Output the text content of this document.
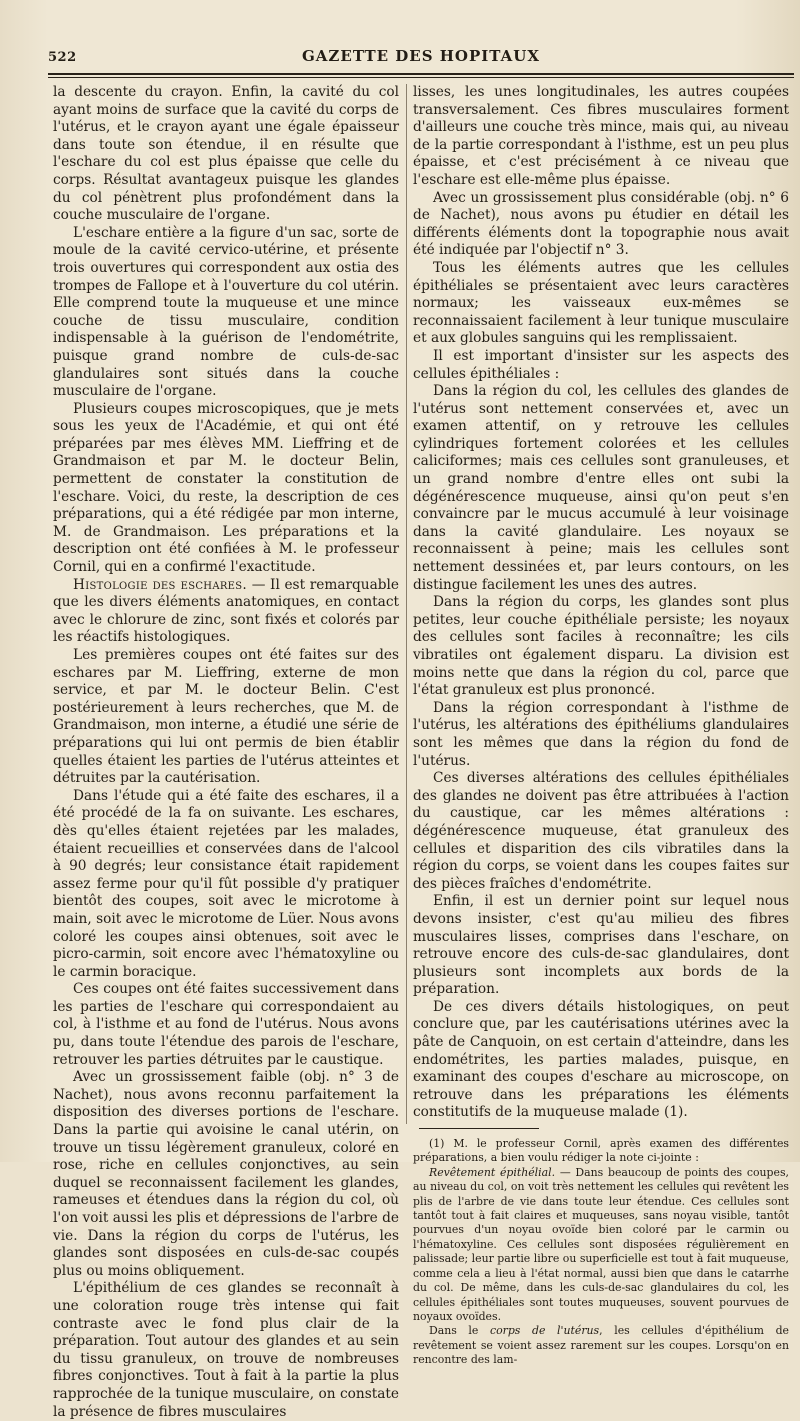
522	GAZETTE DES HOPITAUX

la descente du crayon. Enfin, la cavité du col ayant moins de surface que la cavité du corps de l'utérus, et le crayon ayant une égale épaisseur dans toute son étendue, il en résulte que l'eschare du col est plus épaisse que celle du corps. Résultat avantageux puisque les glandes du col pénètrent plus profondément dans la couche musculaire de l'organe.

L'eschare entière a la figure d'un sac, sorte de moule de la cavité cervico-utérine, et présente trois ouvertures qui correspondent aux ostia des trompes de Fallope et à l'ouverture du col utérin. Elle comprend toute la muqueuse et une mince couche de tissu musculaire, condition indispensable à la guérison de l'endométrite, puisque grand nombre de culs-de-sac glandulaires sont situés dans la couche musculaire de l'organe.

Plusieurs coupes microscopiques, que je mets sous les yeux de l'Académie, et qui ont été préparées par mes élèves MM. Lieffring et de Grandmaison et par M. le docteur Belin, permettent de constater la constitution de l'eschare. Voici, du reste, la description de ces préparations, qui a été rédigée par mon interne, M. de Grandmaison. Les préparations et la description ont été confiées à M. le professeur Cornil, qui en a confirmé l'exactitude.

Histologie des eschares. — Il est remarquable que les divers éléments anatomiques, en contact avec le chlorure de zinc, sont fixés et colorés par les réactifs histologiques.

Les premières coupes ont été faites sur des eschares par M. Lieffring, externe de mon service, et par M. le docteur Belin. C'est postérieurement à leurs recherches, que M. de Grandmaison, mon interne, a étudié une série de préparations qui lui ont permis de bien établir quelles étaient les parties de l'utérus atteintes et détruites par la cautérisation.

Dans l'étude qui a été faite des eschares, il a été procédé de la fa on suivante. Les eschares, dès qu'elles étaient rejetées par les malades, étaient recueillies et conservées dans de l'alcool à 90 degrés; leur consistance était rapidement assez ferme pour qu'il fût possible d'y pratiquer bientôt des coupes, soit avec le microtome à main, soit avec le microtome de Lüer. Nous avons coloré les coupes ainsi obtenues, soit avec le picro-carmin, soit encore avec l'hématoxyline ou le carmin boracique.

Ces coupes ont été faites successivement dans les parties de l'eschare qui correspondaient au col, à l'isthme et au fond de l'utérus. Nous avons pu, dans toute l'étendue des parois de l'eschare, retrouver les parties détruites par le caustique.

Avec un grossissement faible (obj. n° 3 de Nachet), nous avons reconnu parfaitement la disposition des diverses portions de l'eschare. Dans la partie qui avoisine le canal utérin, on trouve un tissu légèrement granuleux, coloré en rose, riche en cellules conjonctives, au sein duquel se reconnaissent facilement les glandes, rameuses et étendues dans la région du col, où l'on voit aussi les plis et dépressions de l'arbre de vie. Dans la région du corps de l'utérus, les glandes sont disposées en culs-de-sac coupés plus ou moins obliquement.

L'épithélium de ces glandes se reconnaît à une coloration rouge très intense qui fait contraste avec le fond plus clair de la préparation. Tout autour des glandes et au sein du tissu granuleux, on trouve de nombreuses fibres conjonctives. Tout à fait à la partie la plus rapprochée de la tunique musculaire, on constate la présence de fibres musculaires

lisses, les unes longitudinales, les autres coupées transversalement. Ces fibres musculaires forment d'ailleurs une couche très mince, mais qui, au niveau de la partie correspondant à l'isthme, est un peu plus épaisse, et c'est précisément à ce niveau que l'eschare est elle-même plus épaisse.

Avec un grossissement plus considérable (obj. n° 6 de Nachet), nous avons pu étudier en détail les différents éléments dont la topographie nous avait été indiquée par l'objectif n° 3.

Tous les éléments autres que les cellules épithéliales se présentaient avec leurs caractères normaux; les vaisseaux eux-mêmes se reconnaissaient facilement à leur tunique musculaire et aux globules sanguins qui les remplissaient.

Il est important d'insister sur les aspects des cellules épithéliales :

Dans la région du col, les cellules des glandes de l'utérus sont nettement conservées et, avec un examen attentif, on y retrouve les cellules cylindriques fortement colorées et les cellules caliciformes; mais ces cellules sont granuleuses, et un grand nombre d'entre elles ont subi la dégénérescence muqueuse, ainsi qu'on peut s'en convaincre par le mucus accumulé à leur voisinage dans la cavité glandulaire. Les noyaux se reconnaissent à peine; mais les cellules sont nettement dessinées et, par leurs contours, on les distingue facilement les unes des autres.

Dans la région du corps, les glandes sont plus petites, leur couche épithéliale persiste; les noyaux des cellules sont faciles à reconnaître; les cils vibratiles ont également disparu. La division est moins nette que dans la région du col, parce que l'état granuleux est plus prononcé.

Dans la région correspondant à l'isthme de l'utérus, les altérations des épithéliums glandulaires sont les mêmes que dans la région du fond de l'utérus.

Ces diverses altérations des cellules épithéliales des glandes ne doivent pas être attribuées à l'action du caustique, car les mêmes altérations : dégénérescence muqueuse, état granuleux des cellules et disparition des cils vibratiles dans la région du corps, se voient dans les coupes faites sur des pièces fraîches d'endométrite.

Enfin, il est un dernier point sur lequel nous devons insister, c'est qu'au milieu des fibres musculaires lisses, comprises dans l'eschare, on retrouve encore des culs-de-sac glandulaires, dont plusieurs sont incomplets aux bords de la préparation.

De ces divers détails histologiques, on peut conclure que, par les cautérisations utérines avec la pâte de Canquoin, on est certain d'atteindre, dans les endométrites, les parties malades, puisque, en examinant des coupes d'eschare au microscope, on retrouve dans les préparations les éléments constitutifs de la muqueuse malade (1).

(1) M. le professeur Cornil, après examen des différentes préparations, a bien voulu rédiger la note ci-jointe :

Revêtement épithélial. — Dans beaucoup de points des coupes, au niveau du col, on voit très nettement les cellules qui revêtent les plis de l'arbre de vie dans toute leur étendue. Ces cellules sont tantôt tout à fait claires et muqueuses, sans noyau visible, tantôt pourvues d'un noyau ovoïde bien coloré par le carmin ou l'hématoxyline. Ces cellules sont disposées régulièrement en palissade; leur partie libre ou superficielle est tout à fait muqueuse, comme cela a lieu à l'état normal, aussi bien que dans le catarrhe du col. De même, dans les culs-de-sac glandulaires du col, les cellules épithéliales sont toutes muqueuses, souvent pourvues de noyaux ovoïdes.

Dans le corps de l'utérus, les cellules d'épithélium de revêtement se voient assez rarement sur les coupes. Lorsqu'on en rencontre des lam-
